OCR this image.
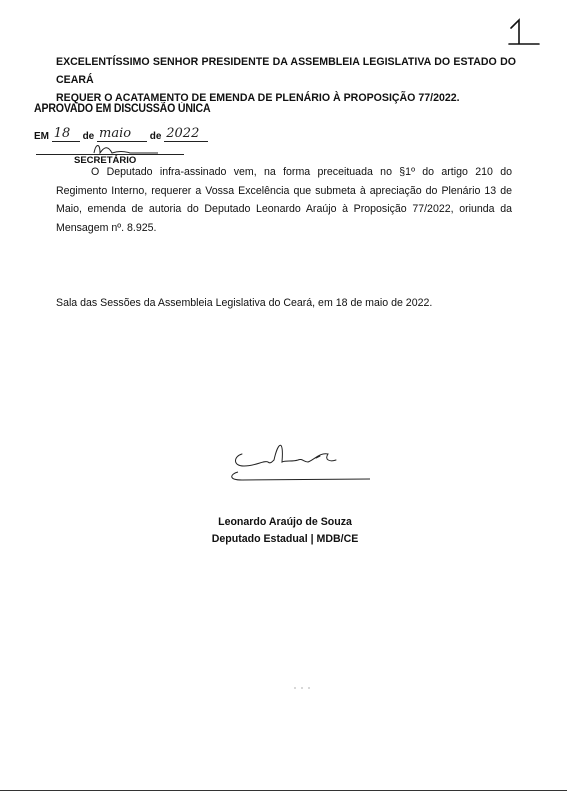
EXCELENTÍSSIMO SENHOR PRESIDENTE DA ASSEMBLEIA LEGISLATIVA DO ESTADO DO CEARÁ
REQUER O ACATAMENTO DE EMENDA DE PLENÁRIO À PROPOSIÇÃO 77/2022.
APROVADO EM DISCUSSÃO ÚNICA
EM 18 de maio de 2022
SECRETÁRIO
O Deputado infra-assinado vem, na forma preceituada no §1º do artigo 210 do Regimento Interno, requerer a Vossa Excelência que submeta à apreciação do Plenário 13 de Maio, emenda de autoria do Deputado Leonardo Araújo à Proposição 77/2022, oriunda da Mensagem nº. 8.925.
Sala das Sessões da Assembleia Legislativa do Ceará, em 18 de maio de 2022.
Leonardo Araújo de Souza
Deputado Estadual | MDB/CE
